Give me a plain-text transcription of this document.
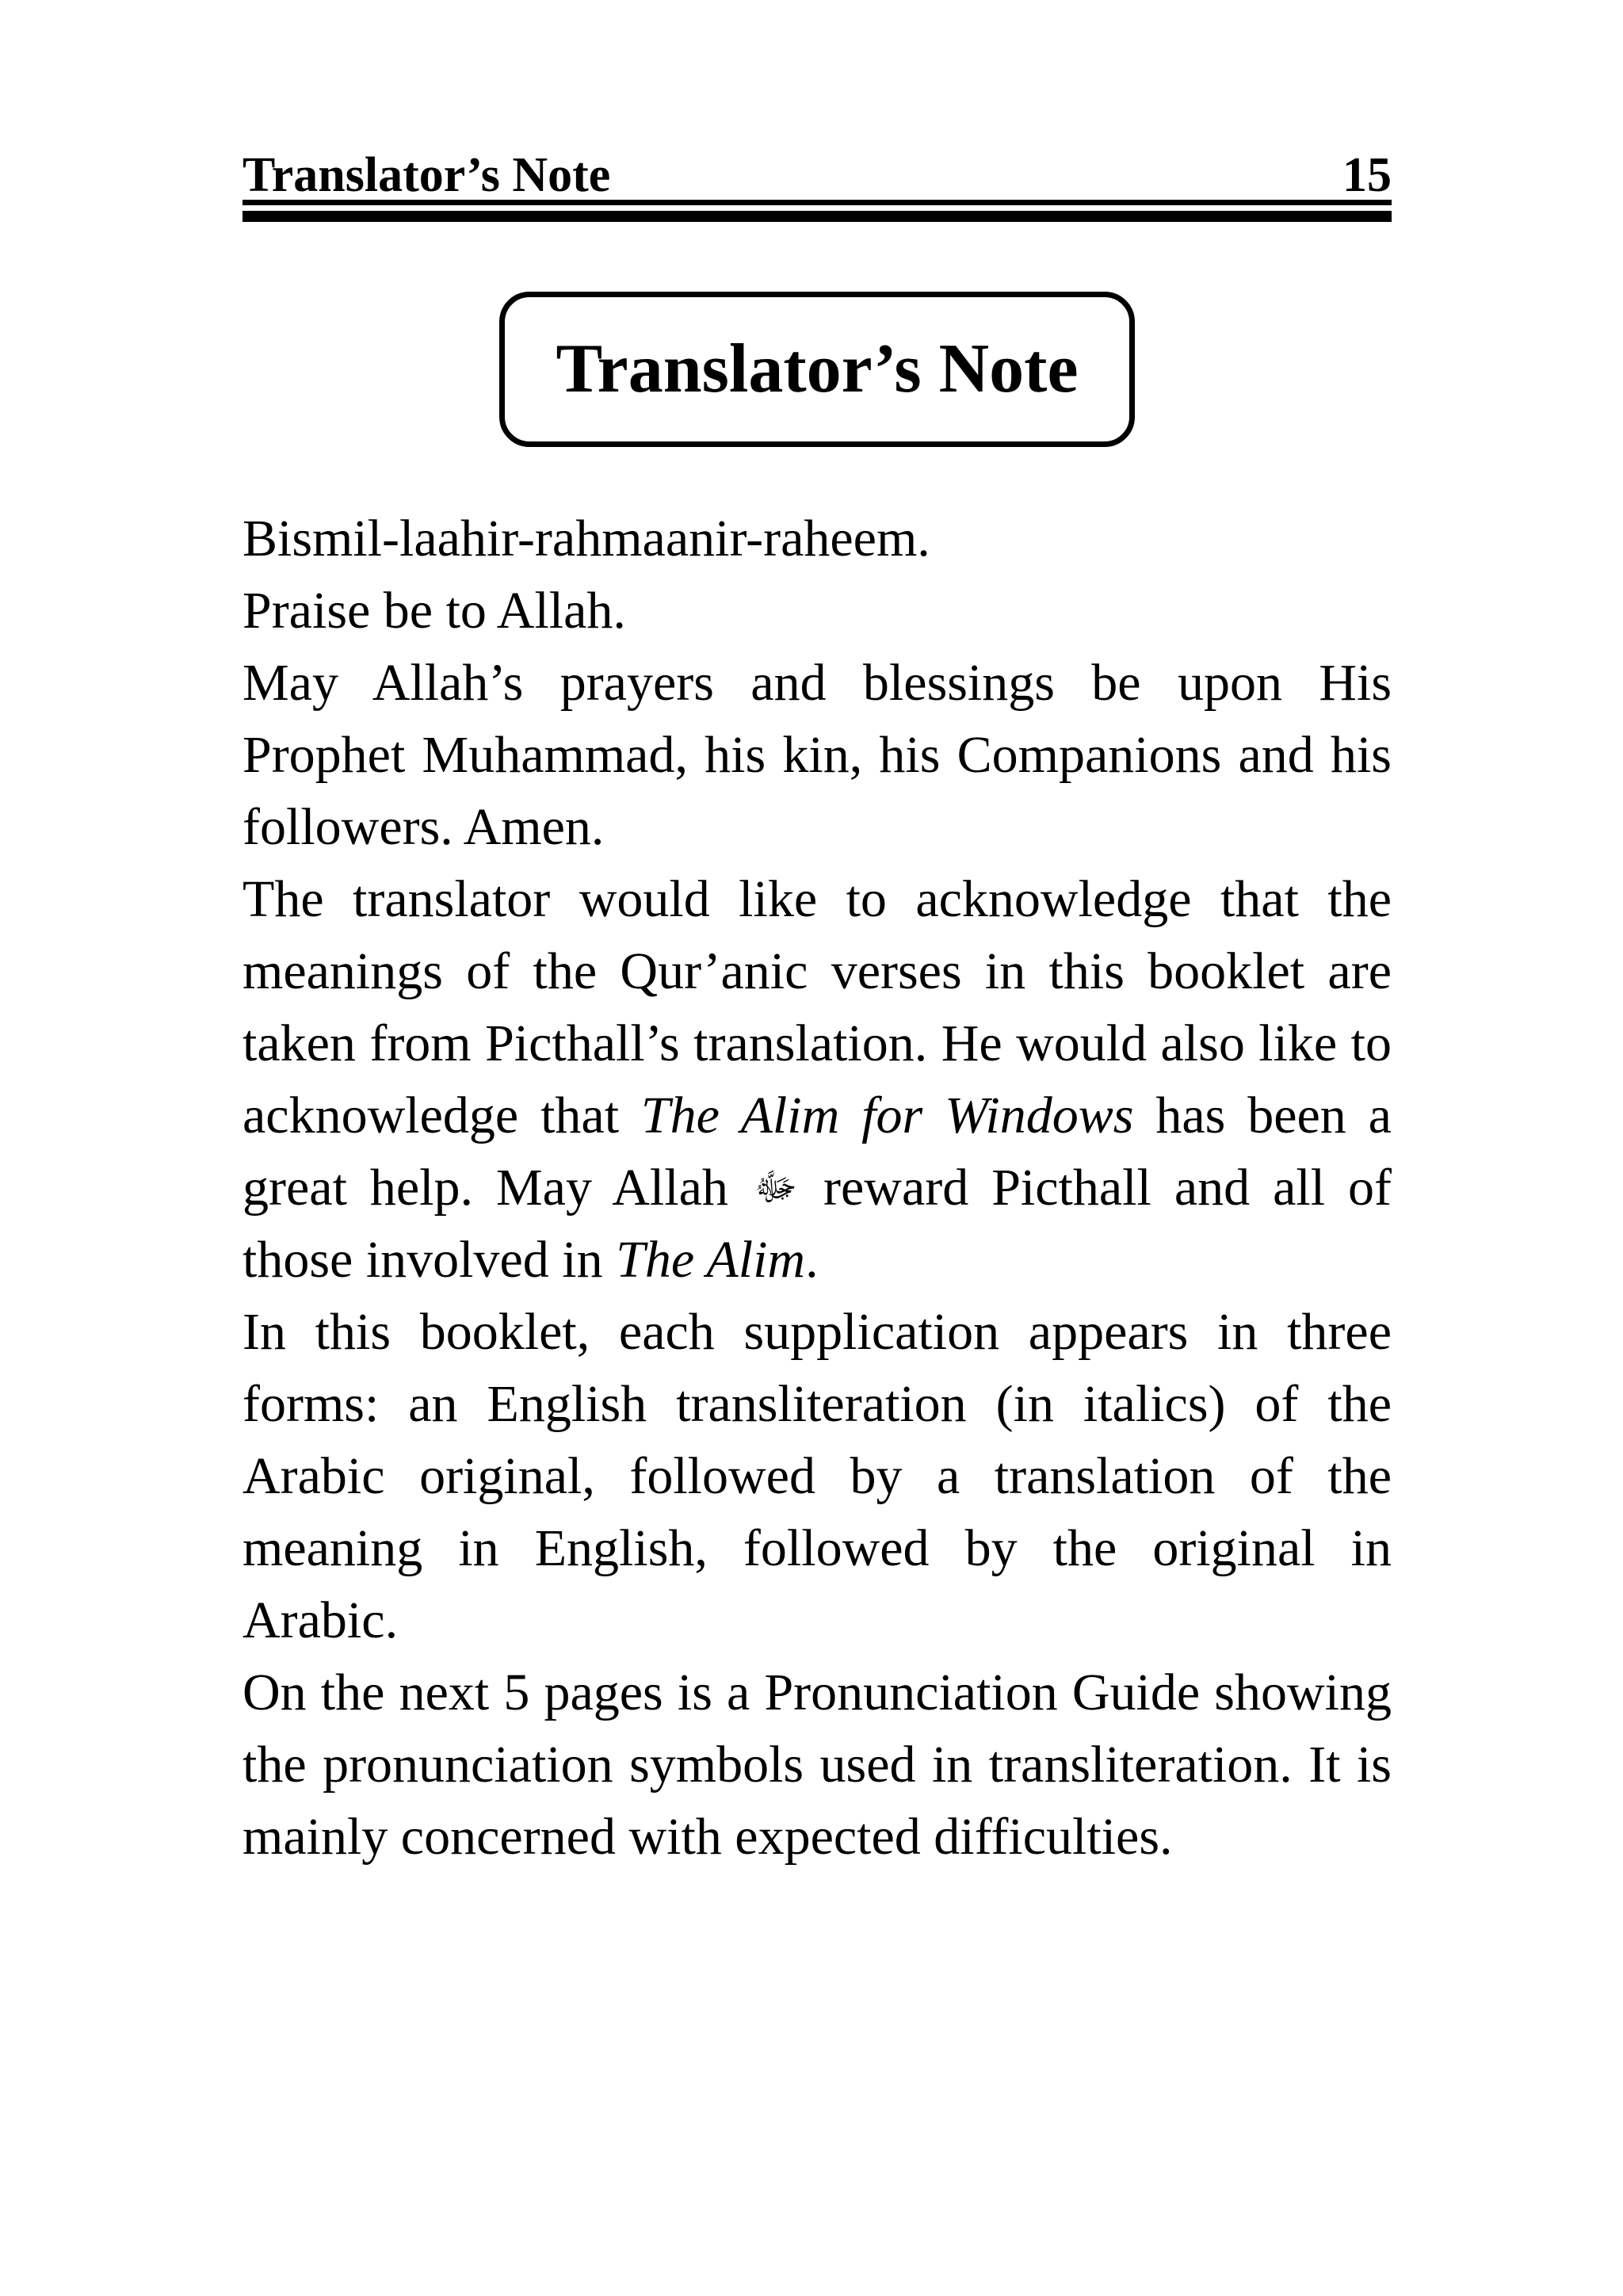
Translator’s Note	15
Translator’s Note

Bismil-laahir-rahmaanir-raheem.

Praise be to Allah.

May Allah’s prayers and blessings be upon His Prophet Muhammad, his kin, his Companions and his followers. Amen.

The translator would like to acknowledge that the meanings of the Qur’anic verses in this booklet are taken from Picthall’s translation. He would also like to acknowledge that The Alim for Windows has been a great help. May Allah ﷻ reward Picthall and all of those involved in The Alim.

In this booklet, each supplication appears in three forms: an English transliteration (in italics) of the Arabic original, followed by a translation of the meaning in English, followed by the original in Arabic.

On the next 5 pages is a Pronunciation Guide showing the pronunciation symbols used in transliteration. It is mainly concerned with expected difficulties.
